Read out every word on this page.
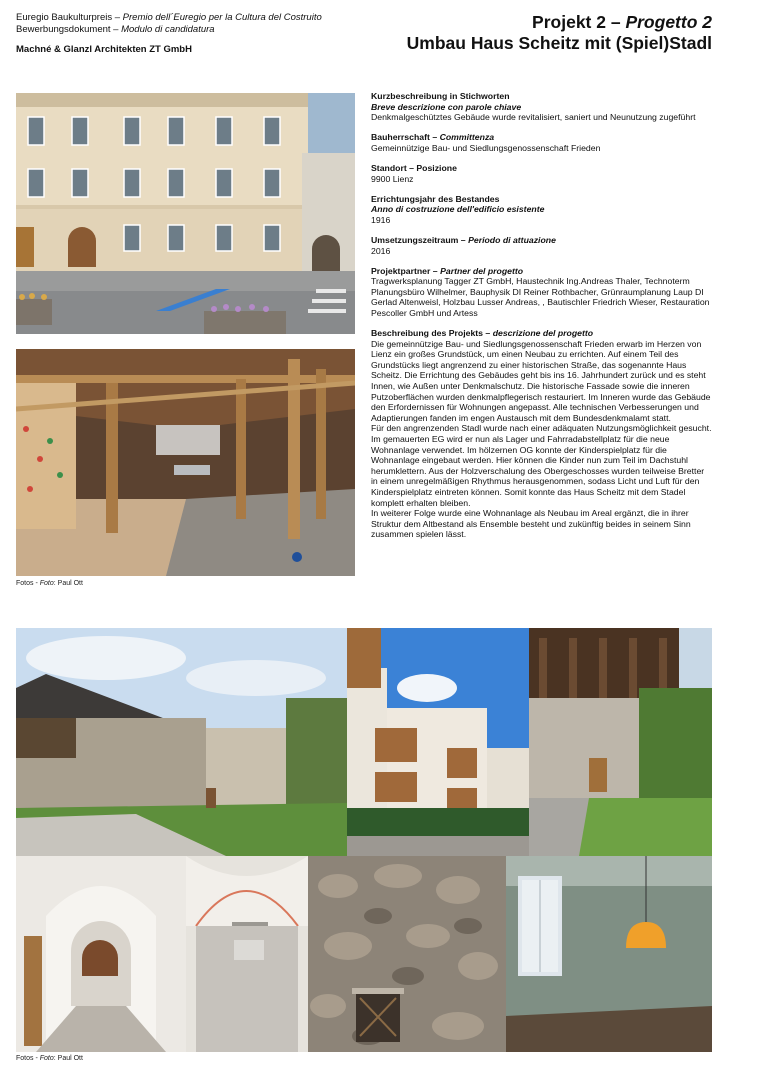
Euregio Baukulturpreis – Premio dell´Euregio per la Cultura del Costruito
Bewerbungsdokument – Modulo di candidatura
Machné & Glanzl Architekten ZT GmbH
Projekt 2 – Progetto 2
Umbau Haus Scheitz mit (Spiel)Stadl
Fotos - Foto: Paul Ott
Kurzbeschreibung in Stichworten
Breve descrizione con parole chiave
Denkmalgeschütztes Gebäude wurde revitalisiert, saniert und Neunutzung zugeführt
Bauherrschaft – Committenza
Gemeinnützige Bau- und Siedlungsgenossenschaft Frieden
Standort – Posizione
9900 Lienz
Errichtungsjahr des Bestandes
Anno di costruzione dell'edificio esistente
1916
Umsetzungszeitraum – Periodo di attuazione
2016
Projektpartner – Partner del progetto
Tragwerksplanung Tagger ZT GmbH, Haustechnik Ing.Andreas Thaler, Technoterm Planungsbüro Wilhelmer, Bauphysik DI Reiner Rothbacher, Grünraumplanung Laup DI Gerlad Altenweisl, Holzbau Lusser Andreas, , Bautischler Friedrich Wieser, Restauration Pescoller GmbH und Artess
Beschreibung des Projekts – descrizione del progetto

Die gemeinnützige Bau- und Siedlungsgenossenschaft Frieden erwarb im Herzen von Lienz ein großes Grundstück, um einen Neubau zu errichten. Auf einem Teil des Grundstücks liegt angrenzend zu einer historischen Straße, das sogenannte Haus Scheitz. Die Errichtung des Gebäudes geht bis ins 16. Jahrhundert zurück und es steht Innen, wie Außen unter Denkmalschutz. Die historische Fassade sowie die inneren Putzoberflächen wurden denkmalpflegerisch restauriert. Im Inneren wurde das Gebäude den Erfordernissen für Wohnungen angepasst. Alle technischen Verbesserungen und Adaptierungen fanden im engen Austausch mit dem Bundesdenkmalamt statt.

Für den angrenzenden Stadl wurde nach einer adäquaten Nutzungsmöglichkeit gesucht. Im gemauerten EG wird er nun als Lager und Fahrradabstellplatz für die neue Wohnanlage verwendet. Im hölzernen OG konnte der Kinderspielplatz für die Wohnanlage eingebaut werden. Hier können die Kinder nun zum Teil im Dachstuhl herumklettern. Aus der Holzverschalung des Obergeschosses wurden teilweise Bretter in einem unregelmäßigen Rhythmus herausgenommen, sodass Licht und Luft für den Kinderspielplatz eintreten können. Somit konnte das Haus Scheitz mit dem Stadel komplett erhalten bleiben.

In weiterer Folge wurde eine Wohnanlage als Neubau im Areal ergänzt, die in ihrer Struktur dem Altbestand als Ensemble besteht und zukünftig beides in seinem Sinn zusammen spielen lässt.

Fotos - Foto: Paul Ott
